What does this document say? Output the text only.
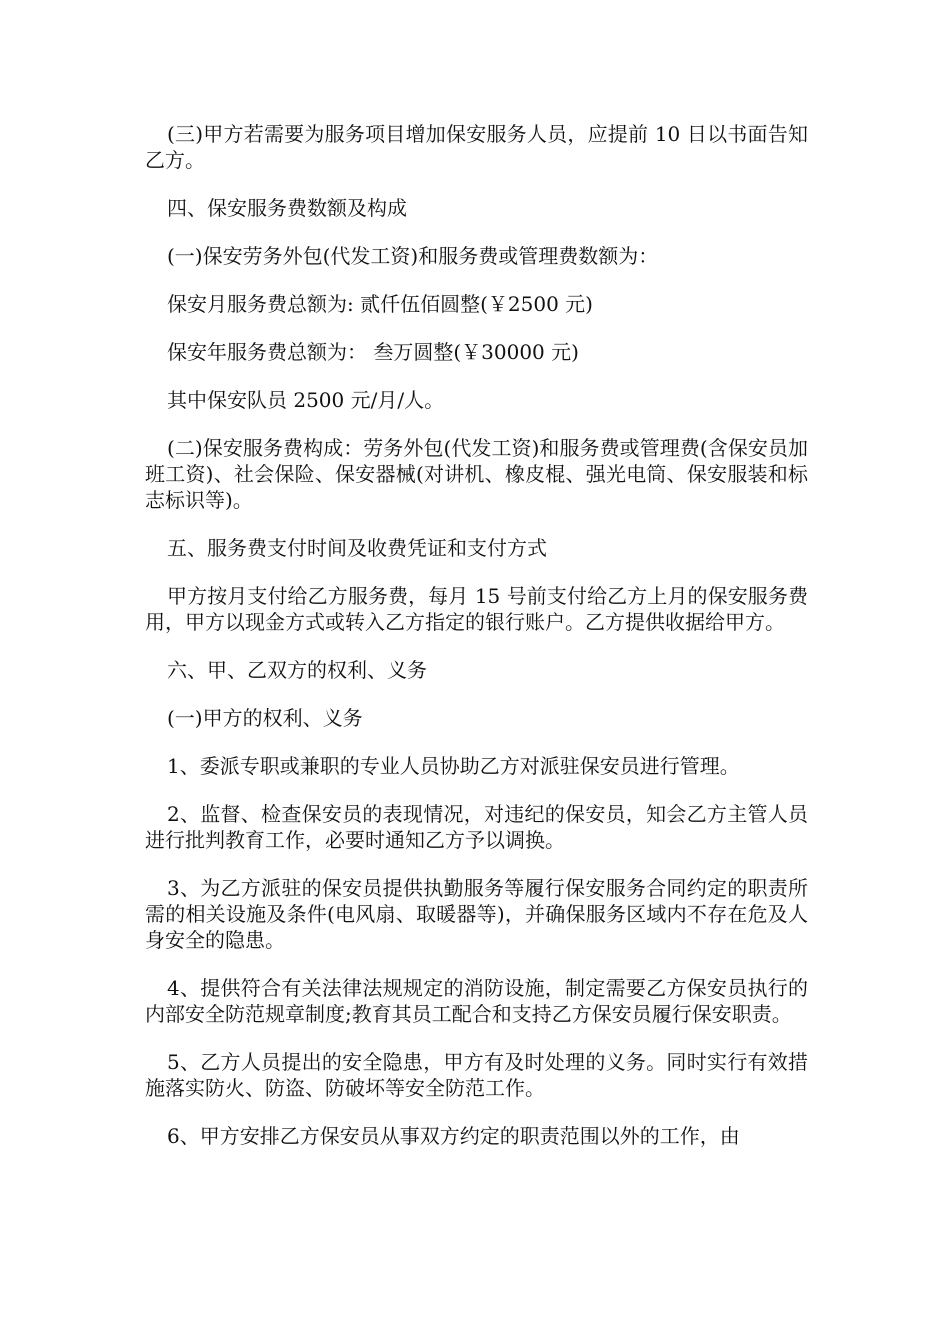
(三)甲方若需要为服务项目增加保安服务人员，应提前 10 日以书面告知乙方。

四、保安服务费数额及构成

(一)保安劳务外包(代发工资)和服务费或管理费数额为：

保安月服务费总额为: 贰仟伍佰圆整(￥2500 元)

保安年服务费总额为： 叁万圆整(￥30000 元)

其中保安队员 2500 元/月/人。

(二)保安服务费构成：劳务外包(代发工资)和服务费或管理费(含保安员加班工资)、社会保险、保安器械(对讲机、橡皮棍、强光电筒、保安服装和标志标识等)。

五、服务费支付时间及收费凭证和支付方式

甲方按月支付给乙方服务费，每月 15 号前支付给乙方上月的保安服务费用，甲方以现金方式或转入乙方指定的银行账户。乙方提供收据给甲方。

六、甲、乙双方的权利、义务

(一)甲方的权利、义务

1、委派专职或兼职的专业人员协助乙方对派驻保安员进行管理。

2、监督、检查保安员的表现情况，对违纪的保安员，知会乙方主管人员进行批判教育工作，必要时通知乙方予以调换。

3、为乙方派驻的保安员提供执勤服务等履行保安服务合同约定的职责所需的相关设施及条件(电风扇、取暖器等)，并确保服务区域内不存在危及人身安全的隐患。

4、提供符合有关法律法规规定的消防设施，制定需要乙方保安员执行的内部安全防范规章制度;教育其员工配合和支持乙方保安员履行保安职责。

5、乙方人员提出的安全隐患，甲方有及时处理的义务。同时实行有效措施落实防火、防盗、防破坏等安全防范工作。

6、甲方安排乙方保安员从事双方约定的职责范围以外的工作，由
